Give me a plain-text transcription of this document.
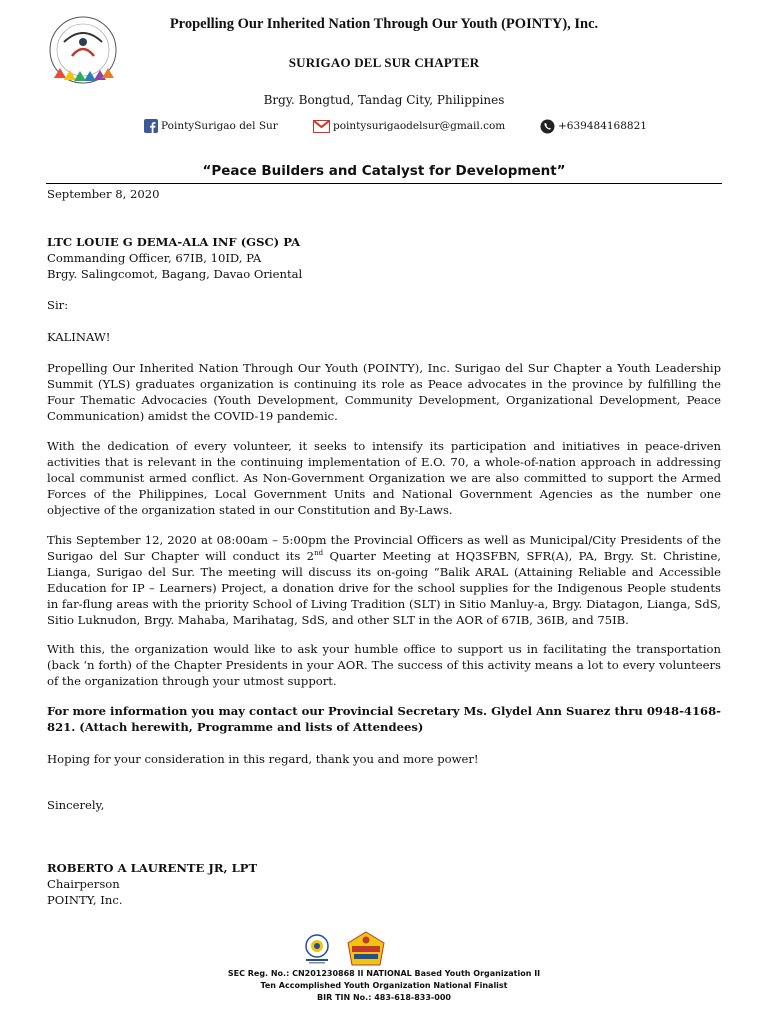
Propelling Our Inherited Nation Through Our Youth (POINTY), Inc.
SURIGAO DEL SUR CHAPTER
Brgy. Bongtud, Tandag City, Philippines
PointySurigao del Sur	pointysurigaodelsur@gmail.com	+639484168821
“Peace Builders and Catalyst for Development”
September 8, 2020
LTC LOUIE G DEMA-ALA INF (GSC) PA
Commanding Officer, 67IB, 10ID, PA
Brgy. Salingcomot, Bagang, Davao Oriental
Sir:
KALINAW!
Propelling Our Inherited Nation Through Our Youth (POINTY), Inc. Surigao del Sur Chapter a Youth Leadership Summit (YLS) graduates organization is continuing its role as Peace advocates in the province by fulfilling the Four Thematic Advocacies (Youth Development, Community Development, Organizational Development, Peace Communication) amidst the COVID-19 pandemic.
With the dedication of every volunteer, it seeks to intensify its participation and initiatives in peace-driven activities that is relevant in the continuing implementation of E.O. 70, a whole-of-nation approach in addressing local communist armed conflict. As Non-Government Organization we are also committed to support the Armed Forces of the Philippines, Local Government Units and National Government Agencies as the number one objective of the organization stated in our Constitution and By-Laws.
This September 12, 2020 at 08:00am – 5:00pm the Provincial Officers as well as Municipal/City Presidents of the Surigao del Sur Chapter will conduct its 2nd Quarter Meeting at HQ3SFBN, SFR(A), PA, Brgy. St. Christine, Lianga, Surigao del Sur. The meeting will discuss its on-going “Balik ARAL (Attaining Reliable and Accessible Education for IP – Learners) Project, a donation drive for the school supplies for the Indigenous People students in far-flung areas with the priority School of Living Tradition (SLT) in Sitio Manluy-a, Brgy. Diatagon, Lianga, SdS, Sitio Luknudon, Brgy. Mahaba, Marihatag, SdS, and other SLT in the AOR of 67IB, 36IB, and 75IB.
With this, the organization would like to ask your humble office to support us in facilitating the transportation (back ‘n forth) of the Chapter Presidents in your AOR. The success of this activity means a lot to every volunteers of the organization through your utmost support.
For more information you may contact our Provincial Secretary Ms. Glydel Ann Suarez thru 0948-4168-821. (Attach herewith, Programme and lists of Attendees)
Hoping for your consideration in this regard, thank you and more power!
Sincerely,
ROBERTO A LAURENTE JR, LPT
Chairperson
POINTY, Inc.
SEC Reg. No.: CN201230868 II NATIONAL Based Youth Organization II
Ten Accomplished Youth Organization National Finalist
BIR TIN No.: 483-618-833-000
